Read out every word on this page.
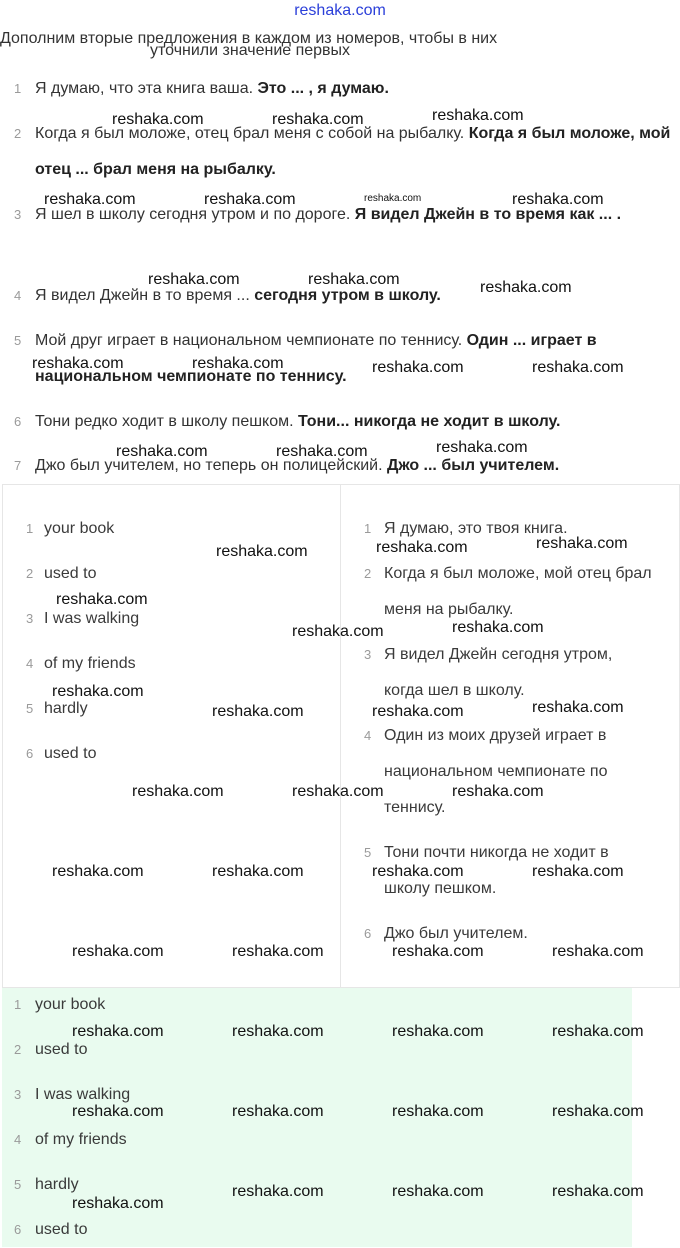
reshaka.com
Дополним вторые предложения в каждом из номеров, чтобы в них
уточнили значение первых
1 Я думаю, что эта книга ваша. Это ... , я думаю.
2 Когда я был моложе, отец брал меня с собой на рыбалку. Когда я был моложе, мой отец ... брал меня на рыбалку.
3 Я шел в школу сегодня утром и по дороге. Я видел Джейн в то время как ... .
4 Я видел Джейн в то время ... сегодня утром в школу.
5 Мой друг играет в национальном чемпионате по теннису. Один ... играет в национальном чемпионате по теннису.
6 Тони редко ходит в школу пешком. Тони... никогда не ходит в школу.
7 Джо был учителем, но теперь он полицейский. Джо ... был учителем.
1 your book
2 used to
3 I was walking
4 of my friends
5 hardly
6 used to
1 Я думаю, это твоя книга.
2 Когда я был моложе, мой отец брал меня на рыбалку.
3 Я видел Джейн сегодня утром, когда шел в школу.
4 Один из моих друзей играет в национальном чемпионате по теннису.
5 Тони почти никогда не ходит в школу пешком.
6 Джо был учителем.
1 your book
2 used to
3 I was walking
4 of my friends
5 hardly
6 used to
reshaka.com	reshaka.com	reshaka.com
reshaka.com	reshaka.com	reshaka.com	reshaka.com
reshaka.com	reshaka.com	reshaka.com
reshaka.com	reshaka.com	reshaka.com	reshaka.com
reshaka.com	reshaka.com	reshaka.com
reshaka.com	reshaka.com	reshaka.com
reshaka.com
reshaka.com	reshaka.com
reshaka.com
reshaka.com	reshaka.com	reshaka.com
reshaka.com	reshaka.com	reshaka.com
reshaka.com	reshaka.com	reshaka.com	reshaka.com
reshaka.com	reshaka.com	reshaka.com	reshaka.com
reshaka.com	reshaka.com	reshaka.com	reshaka.com
reshaka.com	reshaka.com	reshaka.com	reshaka.com
reshaka.com
reshaka.com	reshaka.com	reshaka.com
